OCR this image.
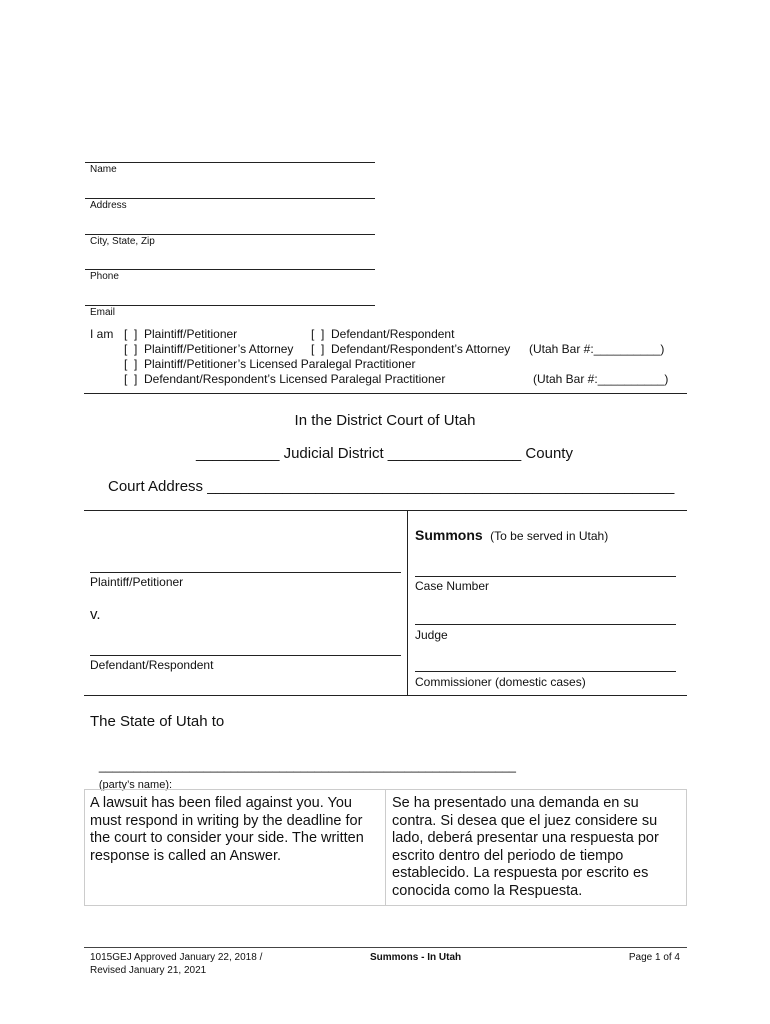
Name
Address
City, State, Zip
Phone
Email
I am [  ]  Plaintiff/Petitioner	[  ]  Defendant/Respondent
[  ]  Plaintiff/Petitioner’s Attorney [  ]  Defendant/Respondent’s Attorney (Utah Bar #:__________)
[  ]  Plaintiff/Petitioner’s Licensed Paralegal Practitioner
[  ]  Defendant/Respondent’s Licensed Paralegal Practitioner	(Utah Bar #:__________)
In the District Court of Utah
__________ Judicial District ________________ County
Court Address ________________________________________________________
Plaintiff/Petitioner
v.
Defendant/Respondent
Summons (To be served in Utah)
Case Number
Judge
Commissioner (domestic cases)
The State of Utah to

____________________________________________________________
(party’s name):

A lawsuit has been filed against you. You must respond in writing by the deadline for the court to consider your side. The written response is called an Answer.
Se ha presentado una demanda en su contra. Si desea que el juez considere su lado, deberá presentar una respuesta por escrito dentro del periodo de tiempo establecido. La respuesta por escrito es conocida como la Respuesta.
1015GEJ Approved January 22, 2018 /
Revised January 21, 2021
Summons - In Utah	Page 1 of 4
